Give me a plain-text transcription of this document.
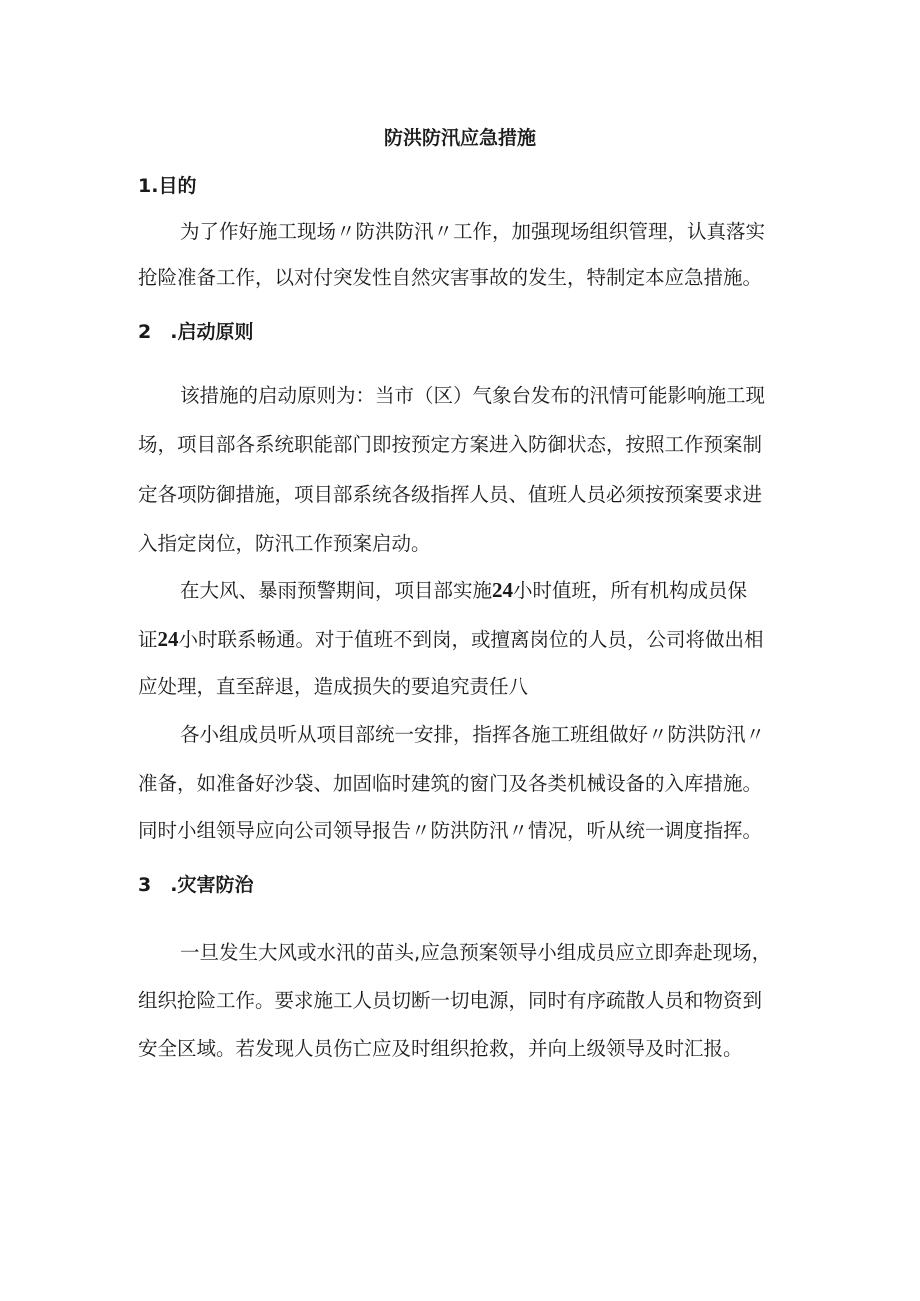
防洪防汛应急措施
1.目的
为了作好施工现场〃防洪防汛〃工作，加强现场组织管理，认真落实
抢险准备工作，以对付突发性自然灾害事故的发生，特制定本应急措施。
2　.启动原则
该措施的启动原则为：当市（区）气象台发布的汛情可能影响施工现
场，项目部各系统职能部门即按预定方案进入防御状态，按照工作预案制
定各项防御措施，项目部系统各级指挥人员、值班人员必须按预案要求进
入指定岗位，防汛工作预案启动。
在大风、暴雨预警期间，项目部实施24小时值班，所有机构成员保
证24小时联系畅通。对于值班不到岗，或擅离岗位的人员，公司将做出相
应处理，直至辞退，造成损失的要追究责任八
各小组成员听从项目部统一安排，指挥各施工班组做好〃防洪防汛〃
准备，如准备好沙袋、加固临时建筑的窗门及各类机械设备的入库措施。
同时小组领导应向公司领导报告〃防洪防汛〃情况，听从统一调度指挥。
3　.灾害防治
一旦发生大风或水汛的苗头,应急预案领导小组成员应立即奔赴现场，
组织抢险工作。要求施工人员切断一切电源，同时有序疏散人员和物资到
安全区域。若发现人员伤亡应及时组织抢救，并向上级领导及时汇报。
